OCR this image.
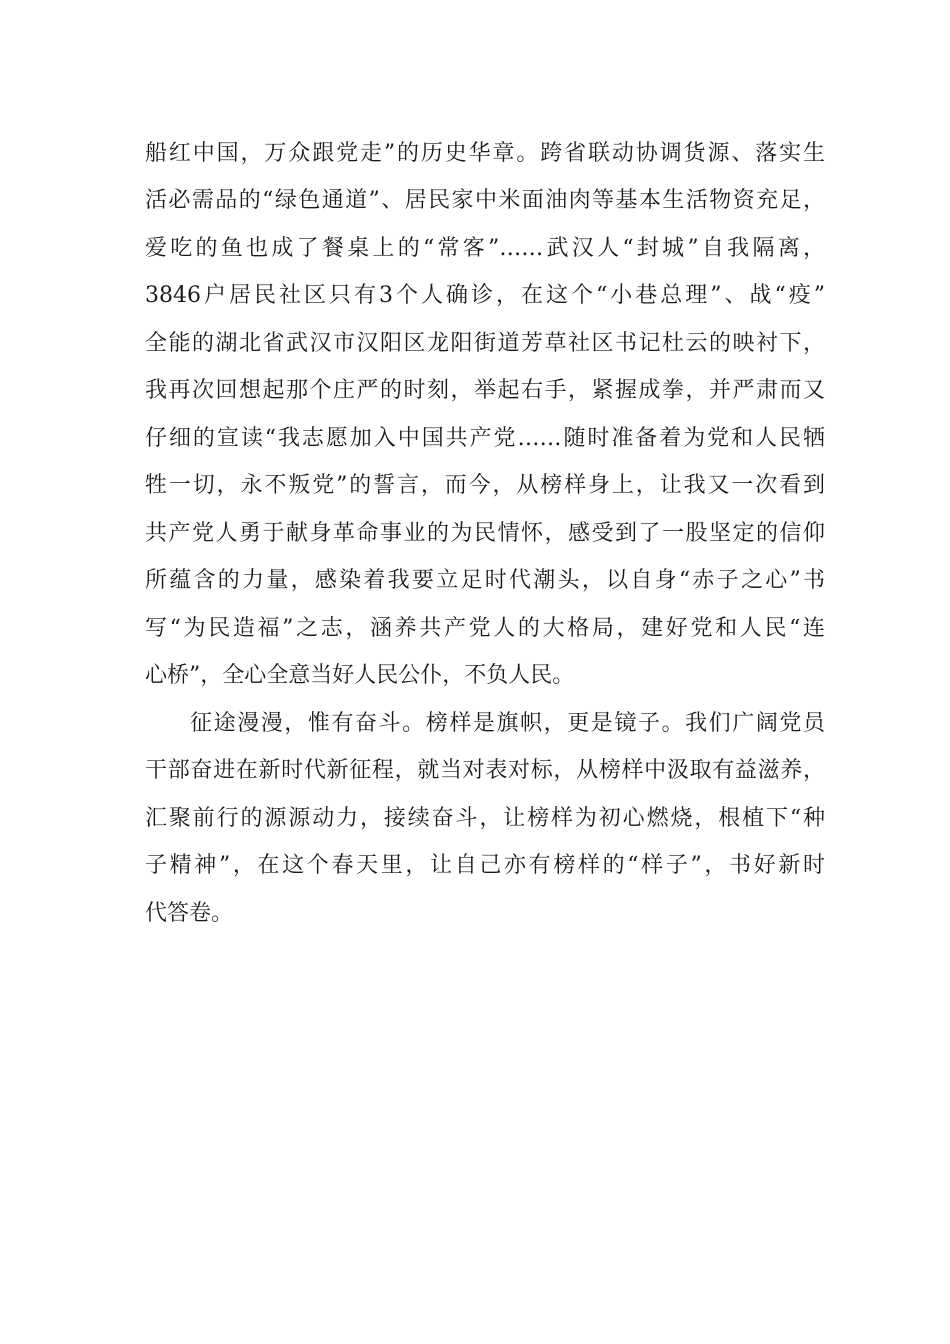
船红中国，万众跟党走”的历史华章。跨省联动协调货源、落实生
活必需品的“绿色通道”、居民家中米面油肉等基本生活物资充足，
爱吃的鱼也成了餐桌上的“常客”……武汉人“封城”自我隔离，
3846户居民社区只有3个人确诊，在这个“小巷总理”、战“疫”
全能的湖北省武汉市汉阳区龙阳街道芳草社区书记杜云的映衬下，
我再次回想起那个庄严的时刻，举起右手，紧握成拳，并严肃而又
仔细的宣读“我志愿加入中国共产党……随时准备着为党和人民牺
牲一切，永不叛党”的誓言，而今，从榜样身上，让我又一次看到
共产党人勇于献身革命事业的为民情怀，感受到了一股坚定的信仰
所蕴含的力量，感染着我要立足时代潮头，以自身“赤子之心”书
写“为民造福”之志，涵养共产党人的大格局，建好党和人民“连
心桥”，全心全意当好人民公仆，不负人民。
征途漫漫，惟有奋斗。榜样是旗帜，更是镜子。我们广阔党员
干部奋进在新时代新征程，就当对表对标，从榜样中汲取有益滋养，
汇聚前行的源源动力，接续奋斗，让榜样为初心燃烧，根植下“种
子精神”，在这个春天里，让自己亦有榜样的“样子”，书好新时
代答卷。
